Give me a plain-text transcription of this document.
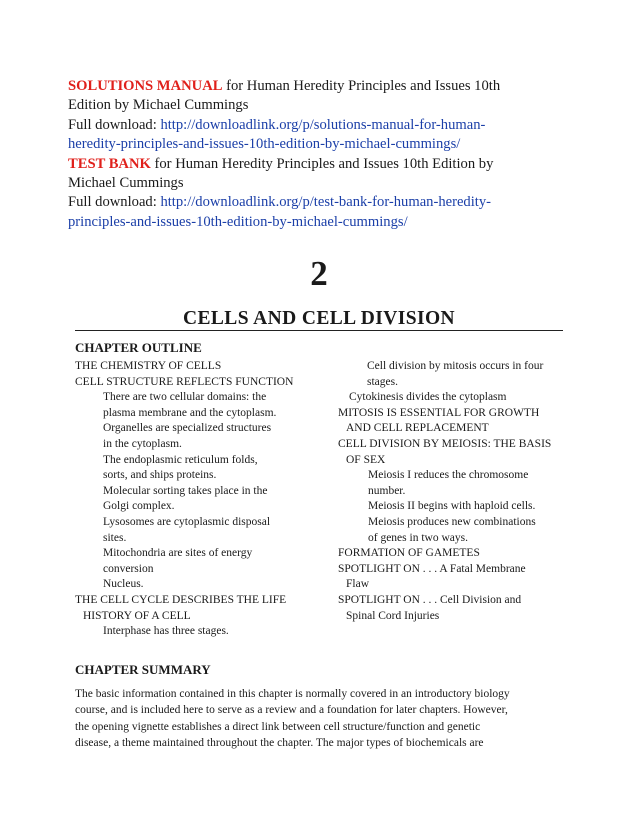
SOLUTIONS MANUAL for Human Heredity Principles and Issues 10th

Edition by Michael Cummings

Full download: http://downloadlink.org/p/solutions-manual-for-human-

heredity-principles-and-issues-10th-edition-by-michael-cummings/

TEST BANK for Human Heredity Principles and Issues 10th Edition by

Michael Cummings

Full download: http://downloadlink.org/p/test-bank-for-human-heredity-

principles-and-issues-10th-edition-by-michael-cummings/

2
CELLS AND CELL DIVISION
CHAPTER OUTLINE
THE CHEMISTRY OF CELLS
CELL STRUCTURE REFLECTS FUNCTION
There are two cellular domains: the
plasma membrane and the cytoplasm.
Organelles are specialized structures
in the cytoplasm.
The endoplasmic reticulum folds,
sorts, and ships proteins.
Molecular sorting takes place in the
Golgi complex.
Lysosomes are cytoplasmic disposal
sites.
Mitochondria are sites of energy
conversion
Nucleus.
THE CELL CYCLE DESCRIBES THE LIFE
HISTORY OF A CELL
Interphase has three stages.
Cell division by mitosis occurs in four
stages.
Cytokinesis divides the cytoplasm
MITOSIS IS ESSENTIAL FOR GROWTH
AND CELL REPLACEMENT
CELL DIVISION BY MEIOSIS: THE BASIS
OF SEX
Meiosis I reduces the chromosome
number.
Meiosis II begins with haploid cells.
Meiosis produces new combinations
of genes in two ways.
FORMATION OF GAMETES
SPOTLIGHT ON . . . A Fatal Membrane
Flaw
SPOTLIGHT ON . . . Cell Division and
Spinal Cord Injuries
CHAPTER SUMMARY
The basic information contained in this chapter is normally covered in an introductory biology
course, and is included here to serve as a review and a foundation for later chapters. However,
the opening vignette establishes a direct link between cell structure/function and genetic
disease, a theme maintained throughout the chapter. The major types of biochemicals are
